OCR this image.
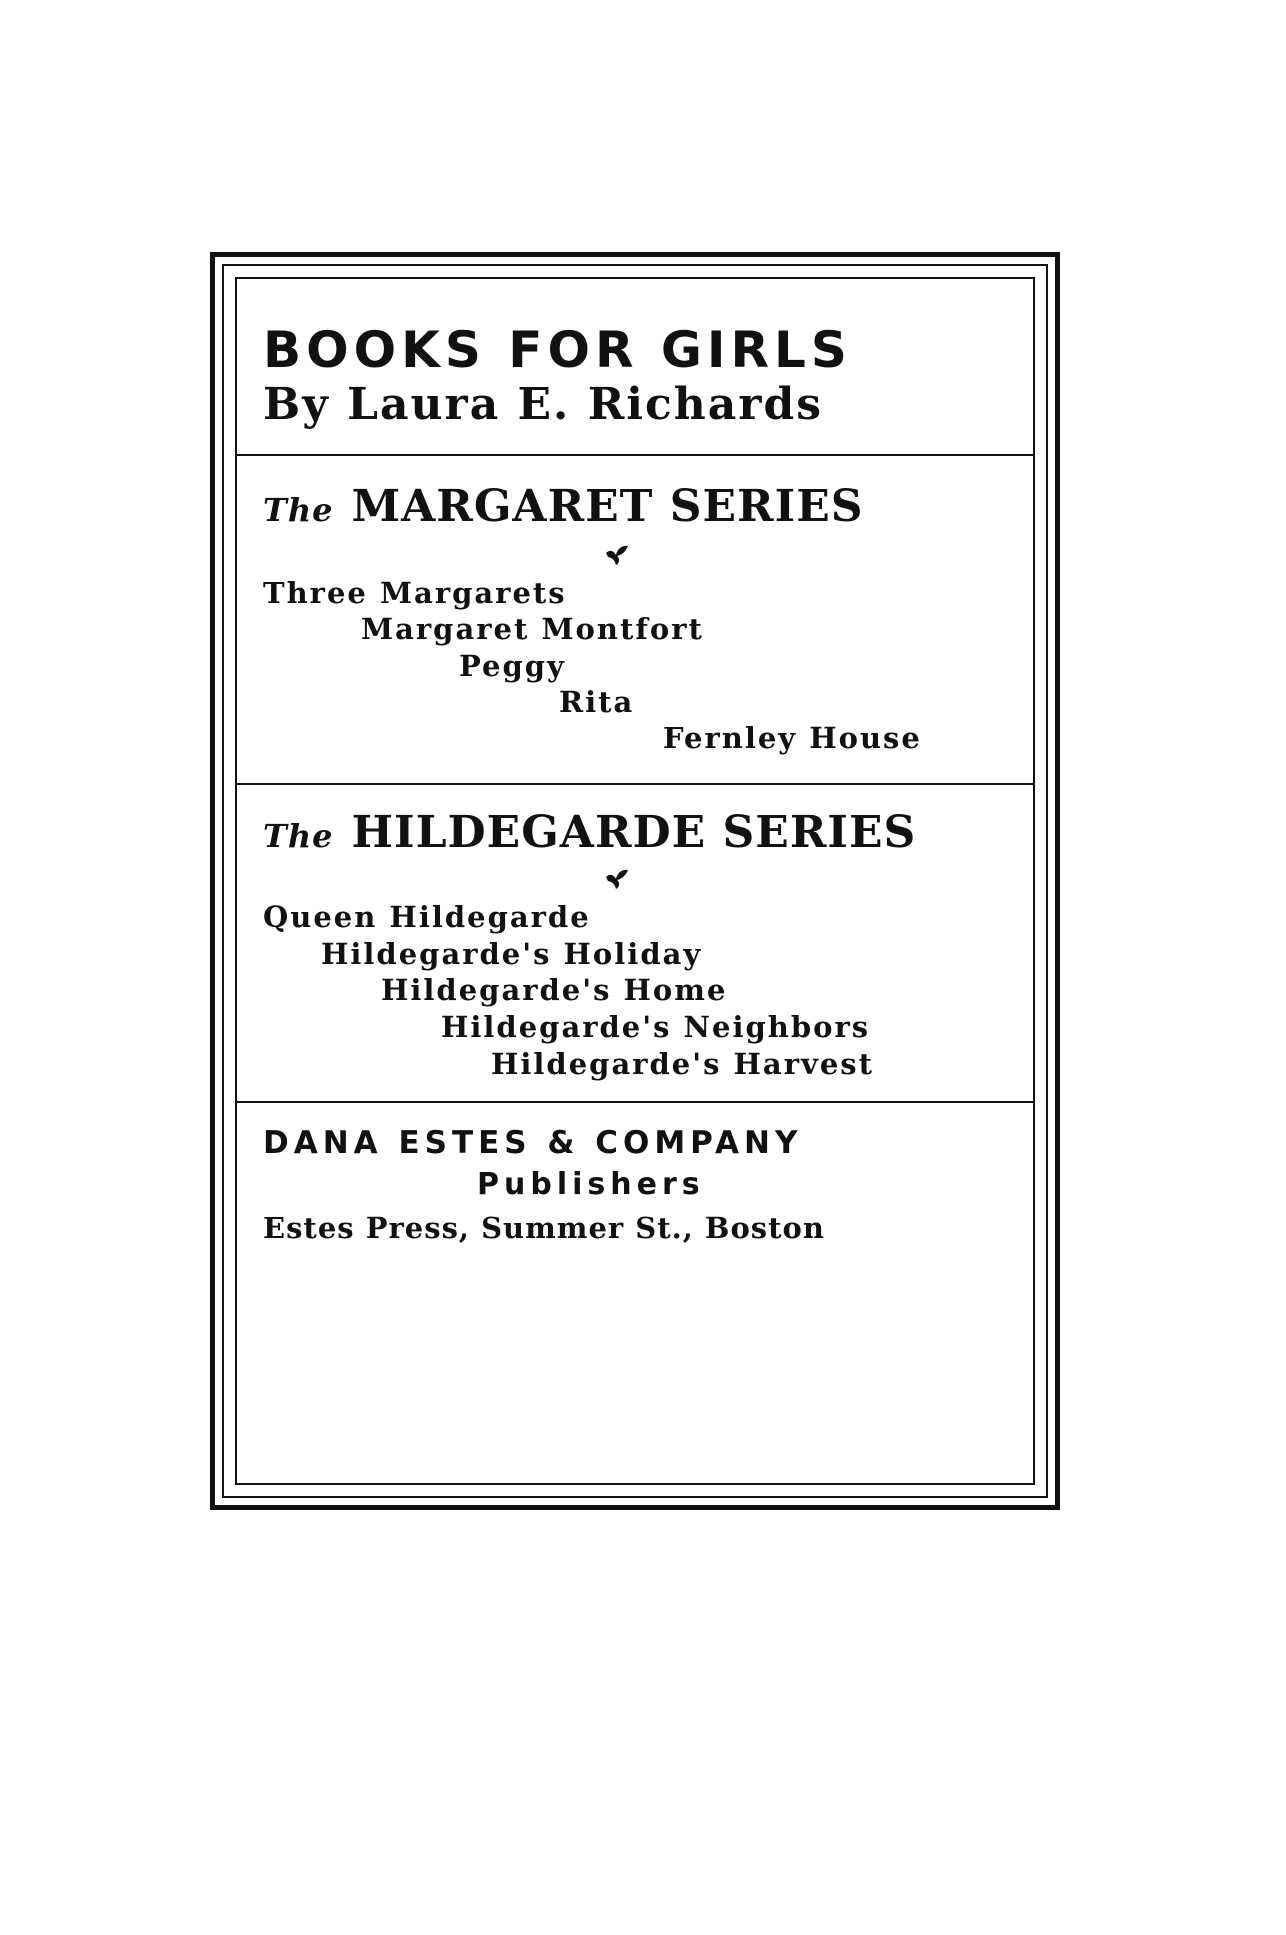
BOOKS FOR GIRLS
By Laura E. Richards
The MARGARET SERIES
Three Margarets
Margaret Montfort
Peggy
Rita
Fernley House
The HILDEGARDE SERIES
Queen Hildegarde
Hildegarde's Holiday
Hildegarde's Home
Hildegarde's Neighbors
Hildegarde's Harvest
DANA ESTES & COMPANY
Publishers
Estes Press, Summer St., Boston
